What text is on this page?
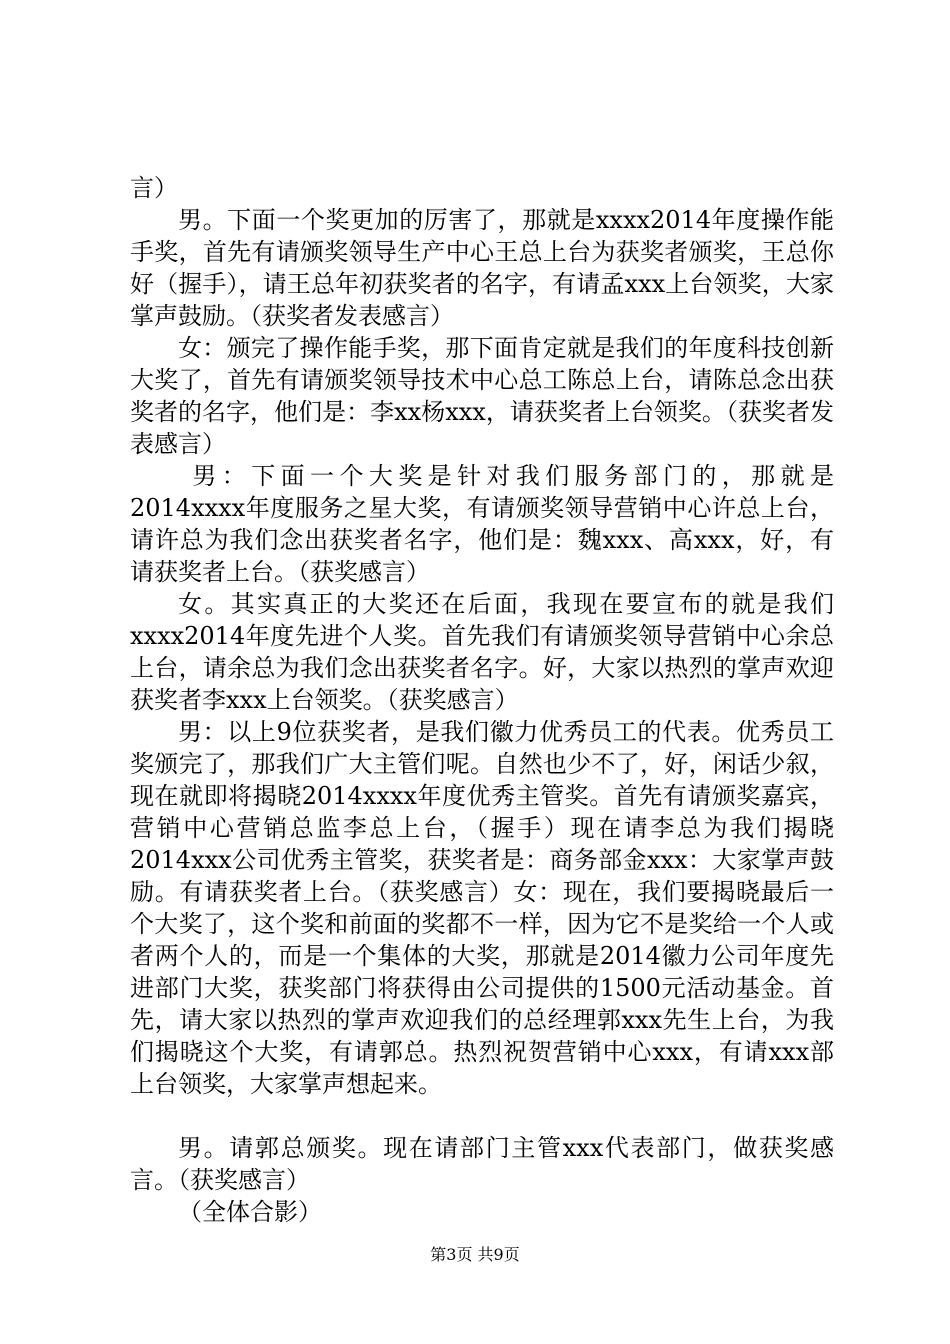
言）

男。下面一个奖更加的厉害了，那就是xxxx2014年度操作能手奖，首先有请颁奖领导生产中心王总上台为获奖者颁奖，王总你好（握手），请王总年初获奖者的名字，有请孟xxx上台领奖，大家掌声鼓励。（获奖者发表感言）

女：颁完了操作能手奖，那下面肯定就是我们的年度科技创新大奖了，首先有请颁奖领导技术中心总工陈总上台，请陈总念出获奖者的名字，他们是：李xx杨xxx，请获奖者上台领奖。（获奖者发表感言）

男：下面一个大奖是针对我们服务部门的，那就是2014xxxx年度服务之星大奖，有请颁奖领导营销中心许总上台，请许总为我们念出获奖者名字，他们是：魏xxx、高xxx，好，有请获奖者上台。（获奖感言）

女。其实真正的大奖还在后面，我现在要宣布的就是我们xxxx2014年度先进个人奖。首先我们有请颁奖领导营销中心余总上台，请余总为我们念出获奖者名字。好，大家以热烈的掌声欢迎获奖者李xxx上台领奖。（获奖感言）

男：以上9位获奖者，是我们徽力优秀员工的代表。优秀员工奖颁完了，那我们广大主管们呢。自然也少不了，好，闲话少叙，现在就即将揭晓2014xxxx年度优秀主管奖。首先有请颁奖嘉宾，营销中心营销总监李总上台，（握手）现在请李总为我们揭晓2014xxx公司优秀主管奖，获奖者是：商务部金xxx：大家掌声鼓励。有请获奖者上台。（获奖感言）女：现在，我们要揭晓最后一个大奖了，这个奖和前面的奖都不一样，因为它不是奖给一个人或者两个人的，而是一个集体的大奖，那就是2014徽力公司年度先进部门大奖，获奖部门将获得由公司提供的1500元活动基金。首先，请大家以热烈的掌声欢迎我们的总经理郭xxx先生上台，为我们揭晓这个大奖，有请郭总。热烈祝贺营销中心xxx，有请xxx部上台领奖，大家掌声想起来。

男。请郭总颁奖。现在请部门主管xxx代表部门，做获奖感言。（获奖感言）

（全体合影）

第3页 共9页
